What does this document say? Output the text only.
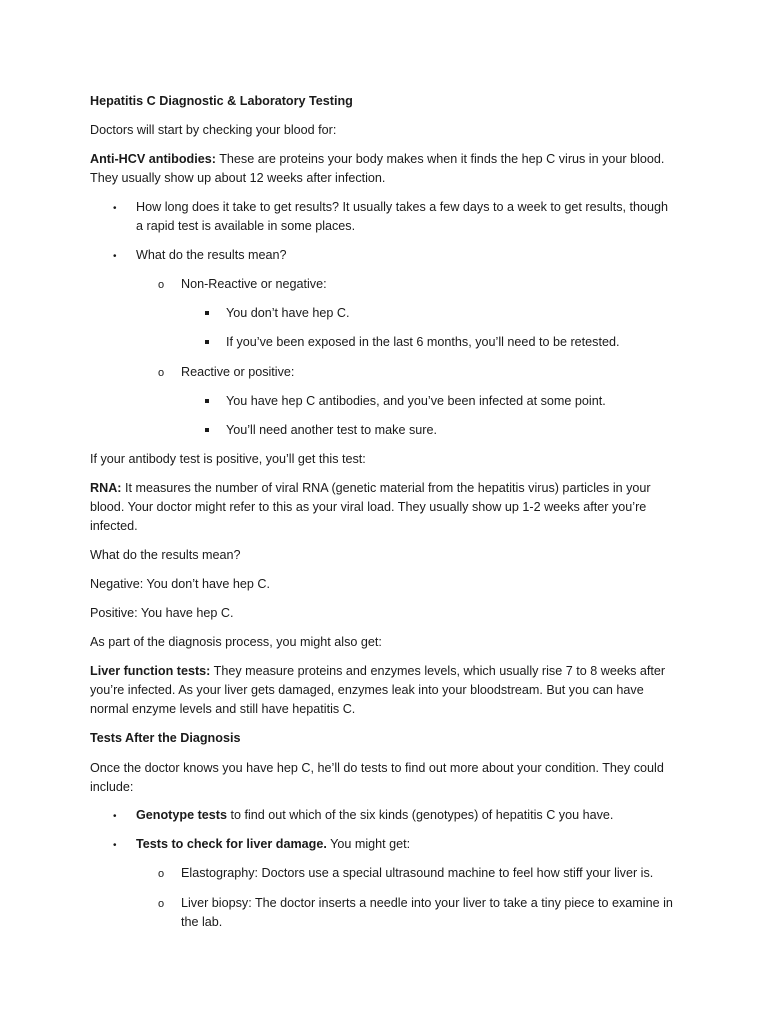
Hepatitis C Diagnostic & Laboratory Testing
Doctors will start by checking your blood for:
Anti-HCV antibodies: These are proteins your body makes when it finds the hep C virus in your blood.
They usually show up about 12 weeks after infection.
• How long does it take to get results? It usually takes a few days to a week to get results, though
a rapid test is available in some places.
• What do the results mean?
o Non-Reactive or negative:
You don’t have hep C.
If you’ve been exposed in the last 6 months, you’ll need to be retested.
o Reactive or positive:
You have hep C antibodies, and you’ve been infected at some point.
You’ll need another test to make sure.
If your antibody test is positive, you’ll get this test:
RNA: It measures the number of viral RNA (genetic material from the hepatitis virus) particles in your
blood. Your doctor might refer to this as your viral load. They usually show up 1-2 weeks after you’re
infected.
What do the results mean?
Negative: You don’t have hep C.
Positive: You have hep C.
As part of the diagnosis process, you might also get:
Liver function tests: They measure proteins and enzymes levels, which usually rise 7 to 8 weeks after
you’re infected. As your liver gets damaged, enzymes leak into your bloodstream. But you can have
normal enzyme levels and still have hepatitis C.
Tests After the Diagnosis
Once the doctor knows you have hep C, he’ll do tests to find out more about your condition. They could
include:
• Genotype tests to find out which of the six kinds (genotypes) of hepatitis C you have.
• Tests to check for liver damage. You might get:
o Elastography: Doctors use a special ultrasound machine to feel how stiff your liver is.
o Liver biopsy: The doctor inserts a needle into your liver to take a tiny piece to examine in
the lab.
